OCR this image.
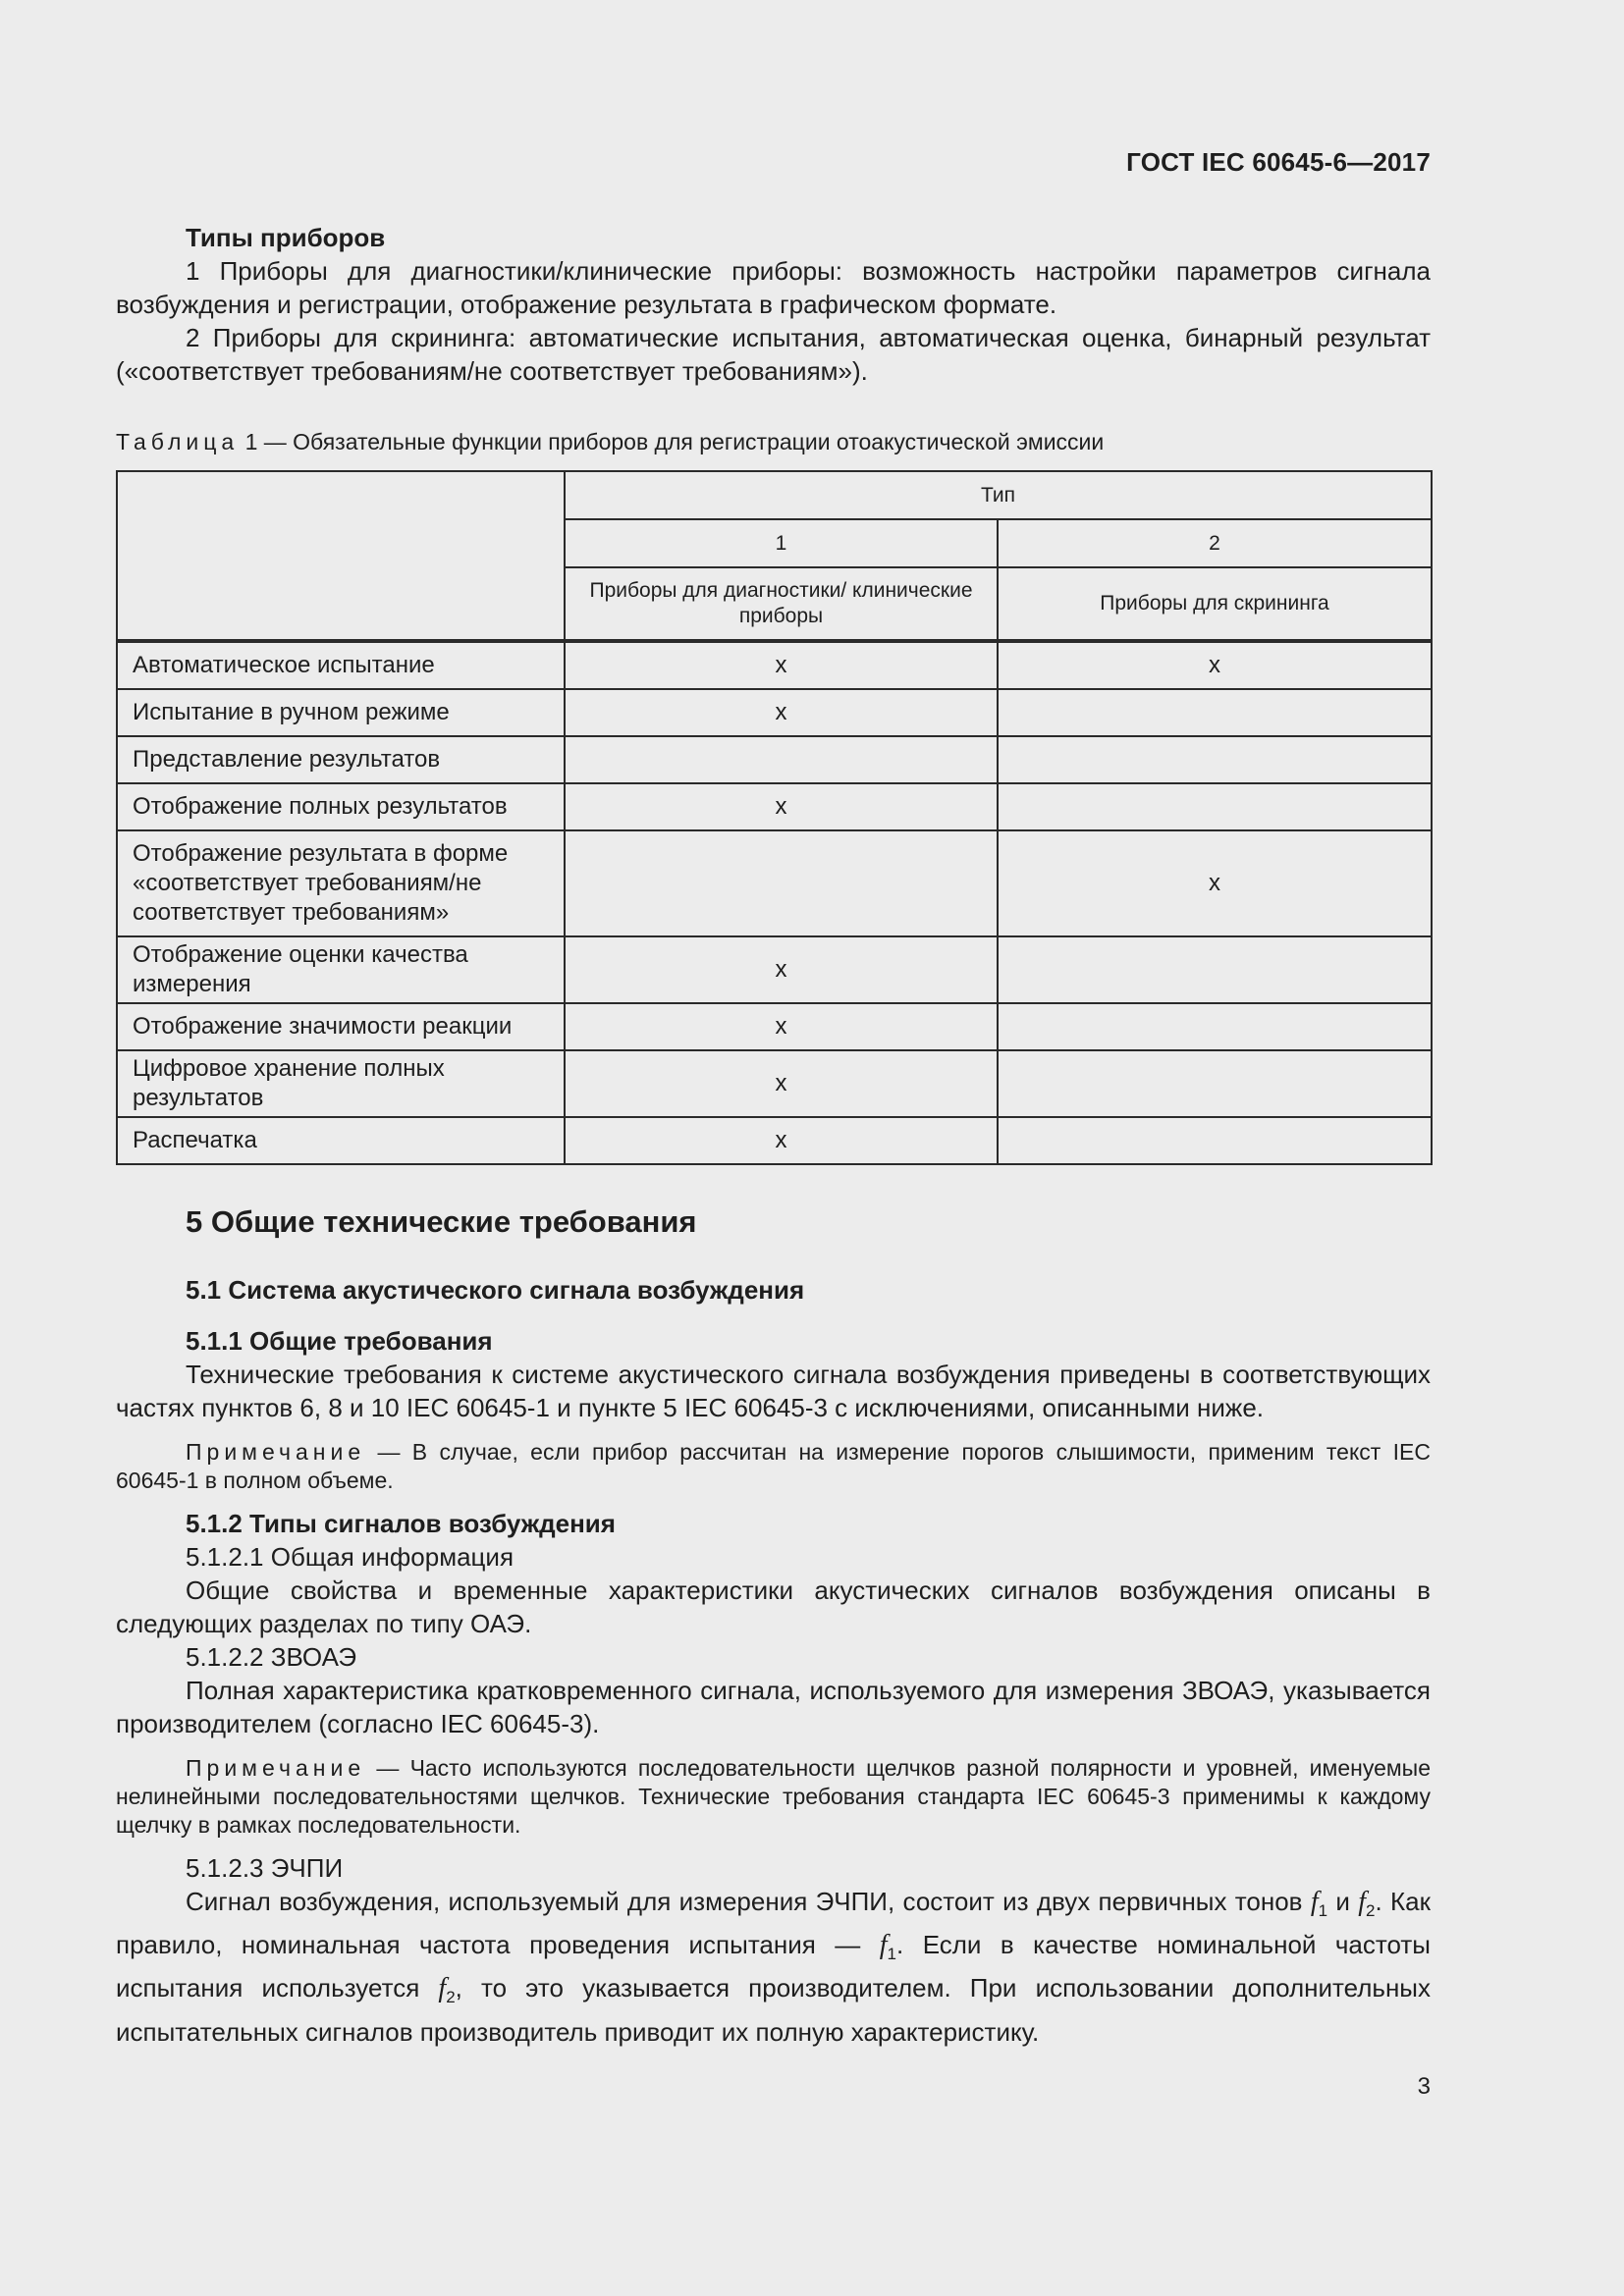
ГОСТ IEC 60645-6—2017

Типы приборов

1 Приборы для диагностики/клинические приборы: возможность настройки параметров сигнала возбуждения и регистрации, отображение результата в графическом формате.

2 Приборы для скрининга: автоматические испытания, автоматическая оценка, бинарный результат («соответствует требованиям/не соответствует требованиям»).

Таблица 1 — Обязательные функции приборов для регистрации отоакустической эмиссии
	Тип	
	1	2
	Приборы для диагностики/ клинические приборы	Приборы для скрининга
Автоматическое испытание	x	x
Испытание в ручном режиме	x	
Представление результатов		
Отображение полных результатов	x	
Отображение результата в форме «соответствует требованиям/не соответствует требованиям»		x
Отображение оценки качества измерения	x	
Отображение значимости реакции	x	
Цифровое хранение полных результатов	x	
Распечатка	x	
5 Общие технические требования

5.1 Система акустического сигнала возбуждения

5.1.1 Общие требования

Технические требования к системе акустического сигнала возбуждения приведены в соответствующих частях пунктов 6, 8 и 10 IEC 60645-1 и пункте 5 IEC 60645-3 с исключениями, описанными ниже.

Примечание — В случае, если прибор рассчитан на измерение порогов слышимости, применим текст IEC 60645-1 в полном объеме.

5.1.2 Типы сигналов возбуждения

5.1.2.1 Общая информация

Общие свойства и временные характеристики акустических сигналов возбуждения описаны в следующих разделах по типу ОАЭ.

5.1.2.2 ЗВОАЭ

Полная характеристика кратковременного сигнала, используемого для измерения ЗВОАЭ, указывается производителем (согласно IEC 60645-3).

Примечание — Часто используются последовательности щелчков разной полярности и уровней, именуемые нелинейными последовательностями щелчков. Технические требования стандарта IEC 60645-3 применимы к каждому щелчку в рамках последовательности.

5.1.2.3 ЭЧПИ

Сигнал возбуждения, используемый для измерения ЭЧПИ, состоит из двух первичных тонов $f_1$ и $f_2$. Как правило, номинальная частота проведения испытания — $f_1$. Если в качестве номинальной частоты испытания используется $f_2$, то это указывается производителем. При использовании дополнительных испытательных сигналов производитель приводит их полную характеристику.

3
